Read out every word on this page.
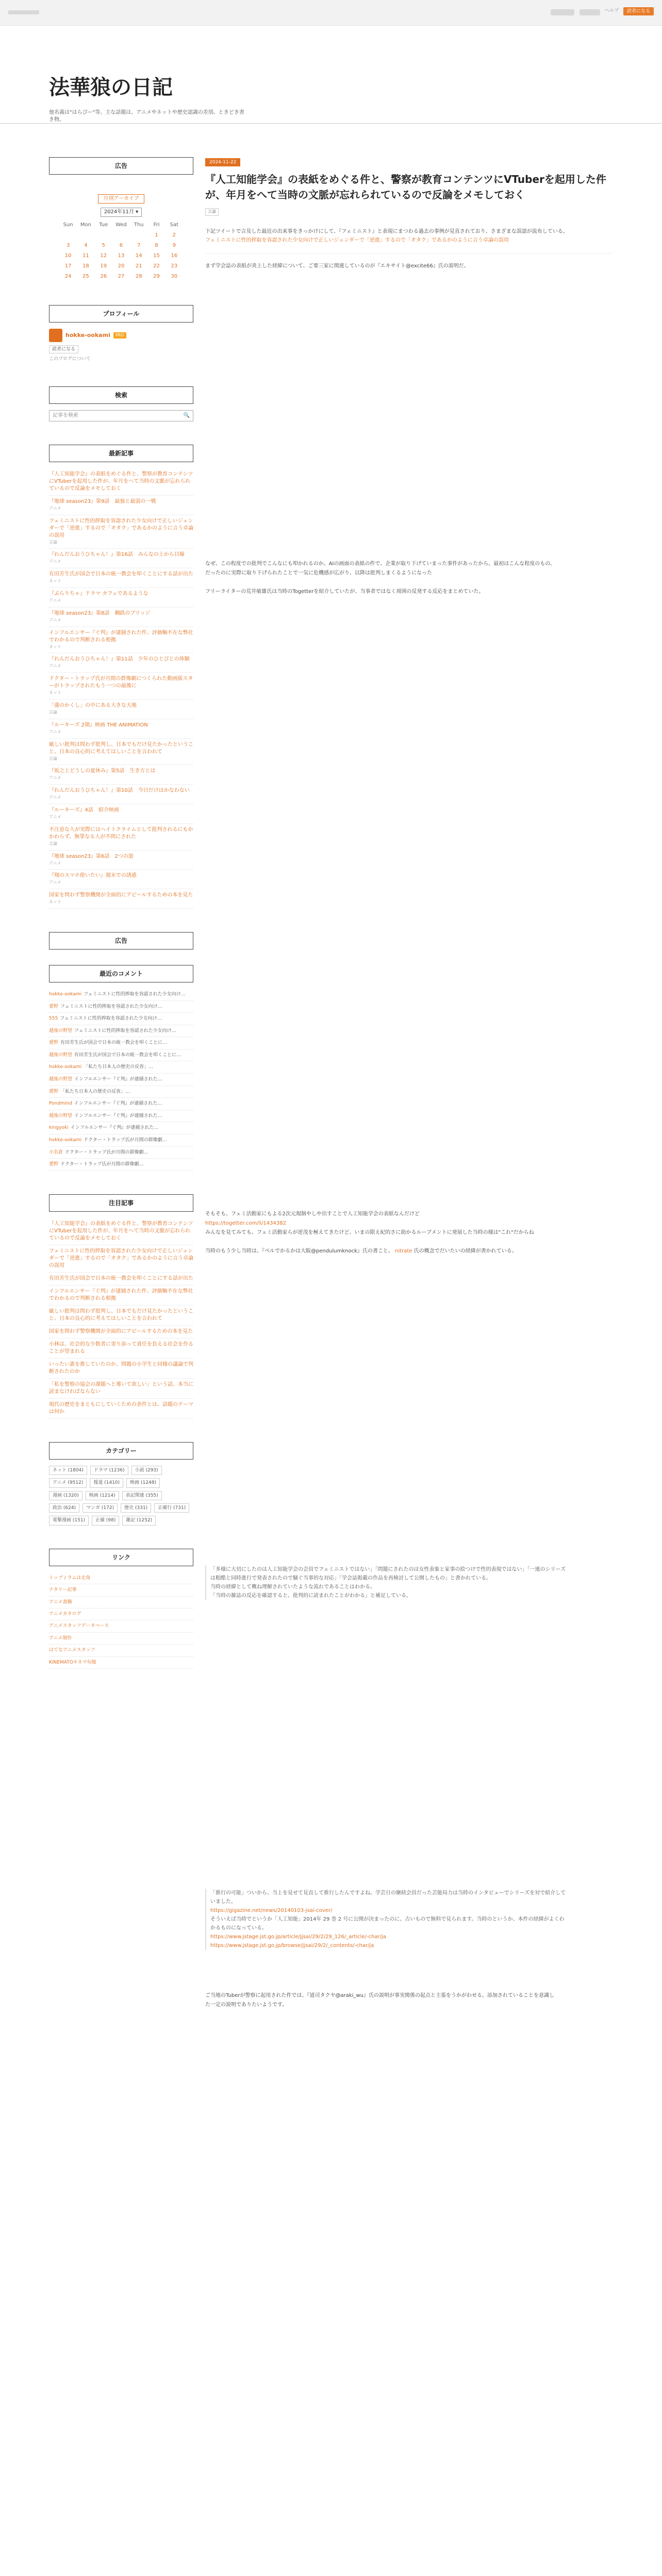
ヘルプ	読者になる
法華狼の日記
他名義は"はらぴー"等。主な話題は、アニメやネットや歴史認識の差別、ときどき書き物。
広告
月別アーカイブ
2024年11月 ▾
Sun	Mon	Tue	Wed	Thu	Fri	Sat
					1	2
3	4	5	6	7	8	9
10	11	12	13	14	15	16
17	18	19	20	21	22	23
24	25	26	27	28	29	30
プロフィール
hokke-ookami	PRO
読者になる
このブログについて
検索
記事を検索	🔍
最新記事
『人工知能学会』の表紙をめぐる件と、警察が教育コンテンツにVTuberを起用した件が、年月をへて当時の文脈が忘れられているので反論をメモしておく
『地球 season23』第9話　最強と最弱の一戦
アニメ
フェミニストに性的搾取を容認された少女向けで正しいジェンダーで「逆進」するので「オタク」であるかのように言う卓論の誤用
言論
『れんだんおうひちゃん！』第16話　みんなの上から目線
アニメ
有田芳生氏が国会で日本の統一教会を叩くことにする話が出た
ネット
『ぶらりちゃ』ドラマ カフェであるような
アニメ
『地球 season23』第8話　鋼鉄のブリッジ
アニメ
インフルエンサー『ぐ判』が逮捕された件、評価軸不在な弊社でわかるので判断される根拠
ネット
『れんだんおうひちゃん！』第11話　少年のひとびとの体験
アニメ
ドクター・トラップ氏が月間の群像劇につくられた動画版スターがトラップされたもう一つの最後に
ネット
「盛のかくし」の中にある大きな大地
言論
『ルーキーズ 2期』映画 THE ANIMATION
アニメ
厳しい批判は問わず批判し、日本でもだけ見たかったということ、日本の良心的に考えてはしいことを言われて
言論
『坂之上どうしの夏休み』第5話　生き方とは
アニメ
『れんだんおうひちゃん！』第10話　今日だけはかなわない
アニメ
『ルーキーズ』4話　紹介映画
アニメ
不注意な人が実際にはヘイトクライムとして批判されるにもかかわらず、無罪なる人が不問にされた
言論
『地球 season23』第6話　2つの道
アニメ
『翔のスマホ使いたい』週末での誘惑
アニメ
国家を問わず警察機関が全面的にアピールするための本を見た
ネット
広告
最近のコメント
hokke-ookami フェミニストに性的搾取を容認された少女向け…
愛野 フェミニストに性的搾取を容認された少女向け…
555 フェミニストに性的搾取を容認された少女向け…
越後の野望 フェミニストに性的搾取を容認された少女向け…
愛野 有田芳生氏が国会で日本の統一教会を叩くことに…
越後の野望 有田芳生氏が国会で日本の統一教会を叩くことに…
hokke-ookami 「私たち日本人の歴史の反省」…
越後の野望 インフルエンサー『ぐ判』が逮捕された…
愛野 「私たち日本人の歴史の反省」…
Pondmind インフルエンサー『ぐ判』が逮捕された…
越後の野望 インフルエンサー『ぐ判』が逮捕された…
kingyoki インフルエンサー『ぐ判』が逮捕された…
hokke-ookami ドクター・トラップ氏が月間の群像劇…
小名倉 ドクター・トラップ氏が月間の群像劇…
愛野 ドクター・トラップ氏が月間の群像劇…
注目記事
『人工知能学会』の表紙をめぐる件と、警察が教育コンテンツにVTuberを起用した件が、年月をへて当時の文脈が忘れられているので反論をメモしておく
フェミニストに性的搾取を容認された少女向けで正しいジェンダーで「逆進」するので「オタク」であるかのように言う卓論の誤用
有田芳生氏が国会で日本の統一教会を叩くことにする話が出た
インフルエンサー『ぐ判』が逮捕された件、評価軸不在な弊社でわかるので判断される根拠
厳しい批判は問わず批判し、日本でもだけ見たかったということ、日本の良心的に考えてはしいことを言われて
国家を問わず警察機関が全面的にアピールするための本を見た
小林は、社会的な少数者に寄り添って責任を負える社会を作ることが望まれる
いったい誰を推していたのか、問題の小学生と同様の議論で判断されたのか
「私を警察の協会の課題へと導いて欲しい」という話、本当に読まなければならない
現代の歴史をまともにしていくための条件とは、話題のテーマは何か
カテゴリー
ネット (1804)	ドラマ (1236)	小説 (293)
アニメ (9512)	報道 (1410)	映画 (1248)
漫画 (1320)	映画 (1214)	表記関連 (355)
政治 (624)	マンガ (172)	歴史 (331)	正確行 (731)
電撃漫画 (151)	正確 (98)	雑記 (1252)
リンク
トップ / ラムは北角
ナタリー記事
アニメ書籍
アニメカタログ
アニメスタッフデータベース
アニメ制作
はてなアニメスタッフ
KINEMATOキネマ旬報
2024-11-22
『人工知能学会』の表紙をめぐる件と、警察が教育コンテンツにVTuberを起用した件が、年月をへて当時の文脈が忘れられているので反論をメモしておく
言論
下記ツイートで言及した最近の出来事をきっかけにして、『フェミニスト』と表現にまつわる過去の事例が見直されており、さまざまな誤認が流布している。
フェミニストに性的搾取を容認された少女向けで正しいジェンダーで「逆進」するので「オタク」であるかのように言う卓論の誤用
まず学会誌の表紙が炎上した経緯について、ご要三家に関連しているのが『エキサイト@excite66』氏の説明だ。
なぜ、この程度での批判でこんなにも叩かれるのか。AIの画面の表紙の件で、企業が取り下げていまった事件があったから。最初はこんな程度のもの、だったのに実際に取り下げられたことで一気に危機感が広がり、以降は批判しまくるようになった
フリーライターの荒井敏雄氏は当時のTogetterを紹介していたが、当事者ではなく周囲の反発する反応をまとめていた。
そもそも、フェミ活動家にもよる2次元規制やしや出すことで人工知能学会の表紙なんだけど
https://togetter.com/li/1434382
みんなを見てみても、フェミ活動家らが逆茂を極えてきたけど、いまの限え紀的さに助かるルーブメントに発展した当時の様は"これ"だからね
当時のもう少し当時は、『ペルでかるかは大阪@pendulumknock』氏の書こと。 nitrate 氏の概念でだいたいの経緯が書かれている。
「多様に大切にしたのは人工知能学会の会員でフェミニストではない」「問題にされたのは女性表象と家事の絵つけで性的表現ではない」「一連のシリーズは粗酷と同時進行で発表されたので騒ぐ当事的な対応」「学会誌掲載の作品を再検討して公開したもの」と書かれている。
当時の経緯として概ね理解されていたような流れであることはわかる。
「当時の雑誌の反応を確認すると、批判的に読まれたことがわかる」と補足している。
「推行の可能」ついから、当上を見せて見直して推行したんですよね。学芸日の継続会員だった芸能局力は当時のインタビューでシリーズを対で紹介していました。
https://gigazine.net/news/20140103-jsai-cover/
そういえば当時でというか「人工知能」2014年 29 巻 2 号に公開が決まったのに、古いもので無料で見られます。当時のというか、本件の経緯がよくわかるものになっている。
https://www.jstage.jst.go.jp/article/jjsai/29/2/29_126/_article/-char/ja
https://www.jstage.jst.go.jp/browse/jjsai/29/2/_contents/-char/ja
ご当地のTuberが警察に起用された件では、『道司タクヤ@araki_wu』氏の説明が事実関係の起点と主張をうかがわせる。添加されていることを意識した一定の説明でありたいようです。
